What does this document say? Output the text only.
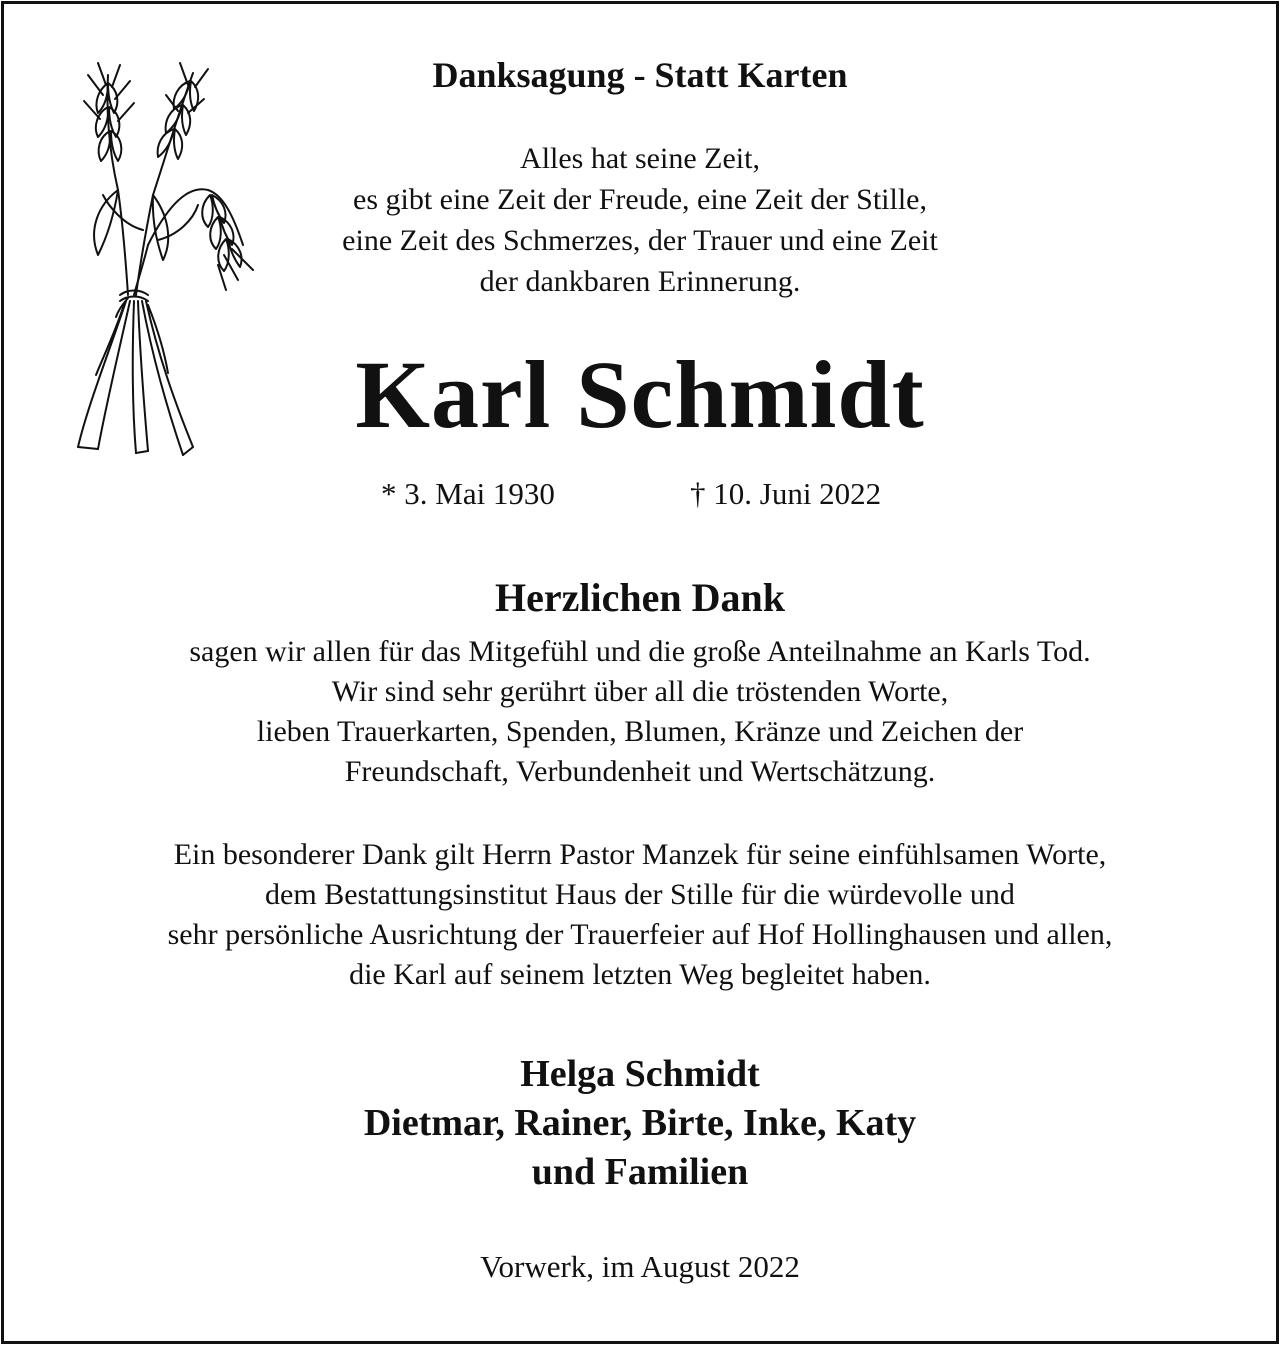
Danksagung - Statt Karten
Alles hat seine Zeit,
es gibt eine Zeit der Freude, eine Zeit der Stille,
eine Zeit des Schmerzes, der Trauer und eine Zeit
der dankbaren Erinnerung.
Karl Schmidt
* 3. Mai 1930	† 10. Juni 2022
Herzlichen Dank
sagen wir allen für das Mitgefühl und die große Anteilnahme an Karls Tod.
Wir sind sehr gerührt über all die tröstenden Worte,
lieben Trauerkarten, Spenden, Blumen, Kränze und Zeichen der
Freundschaft, Verbundenheit und Wertschätzung.
Ein besonderer Dank gilt Herrn Pastor Manzek für seine einfühlsamen Worte,
dem Bestattungsinstitut Haus der Stille für die würdevolle und
sehr persönliche Ausrichtung der Trauerfeier auf Hof Hollinghausen und allen,
die Karl auf seinem letzten Weg begleitet haben.
Helga Schmidt
Dietmar, Rainer, Birte, Inke, Katy
und Familien
Vorwerk, im August 2022
